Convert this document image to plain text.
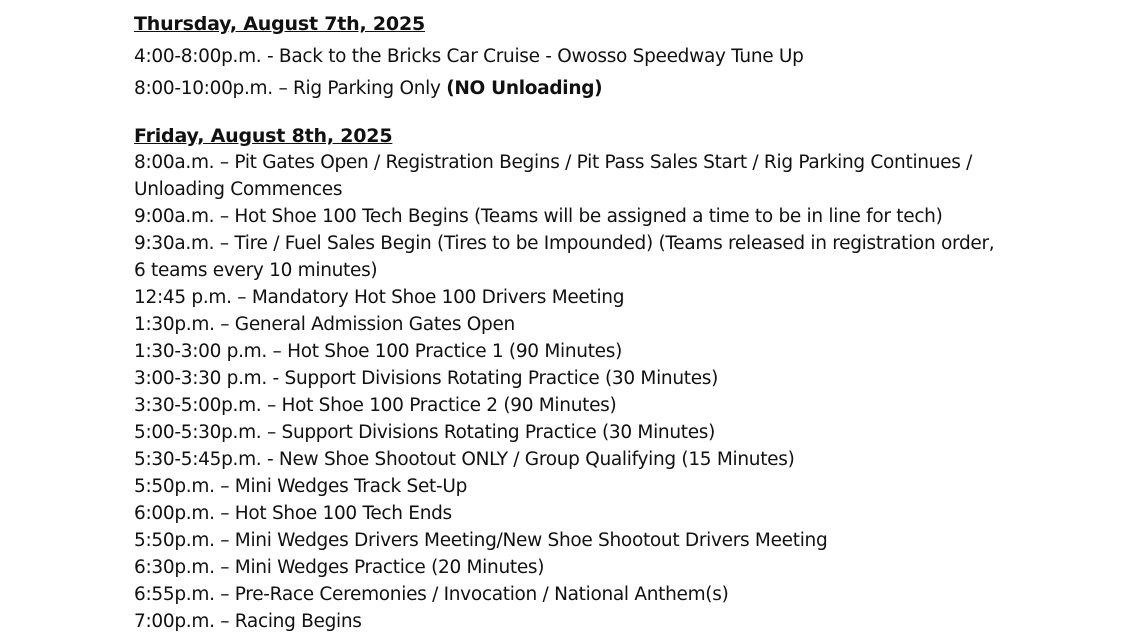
Thursday, August 7th, 2025

4:00-8:00p.m. - Back to the Bricks Car Cruise - Owosso Speedway Tune Up

8:00-10:00p.m. – Rig Parking Only (NO Unloading)

Friday, August 8th, 2025

8:00a.m. – Pit Gates Open / Registration Begins / Pit Pass Sales Start / Rig Parking Continues /

Unloading Commences

9:00a.m. – Hot Shoe 100 Tech Begins (Teams will be assigned a time to be in line for tech)

9:30a.m. – Tire / Fuel Sales Begin (Tires to be Impounded) (Teams released in registration order,

6 teams every 10 minutes)

12:45 p.m. – Mandatory Hot Shoe 100 Drivers Meeting

1:30p.m. – General Admission Gates Open

1:30-3:00 p.m. – Hot Shoe 100 Practice 1 (90 Minutes)

3:00-3:30 p.m. - Support Divisions Rotating Practice (30 Minutes)

3:30-5:00p.m. – Hot Shoe 100 Practice 2 (90 Minutes)

5:00-5:30p.m. – Support Divisions Rotating Practice (30 Minutes)

5:30-5:45p.m. - New Shoe Shootout ONLY / Group Qualifying (15 Minutes)

5:50p.m. – Mini Wedges Track Set-Up

6:00p.m. – Hot Shoe 100 Tech Ends

5:50p.m. – Mini Wedges Drivers Meeting/New Shoe Shootout Drivers Meeting

6:30p.m. – Mini Wedges Practice (20 Minutes)

6:55p.m. – Pre-Race Ceremonies / Invocation / National Anthem(s)

7:00p.m. – Racing Begins
